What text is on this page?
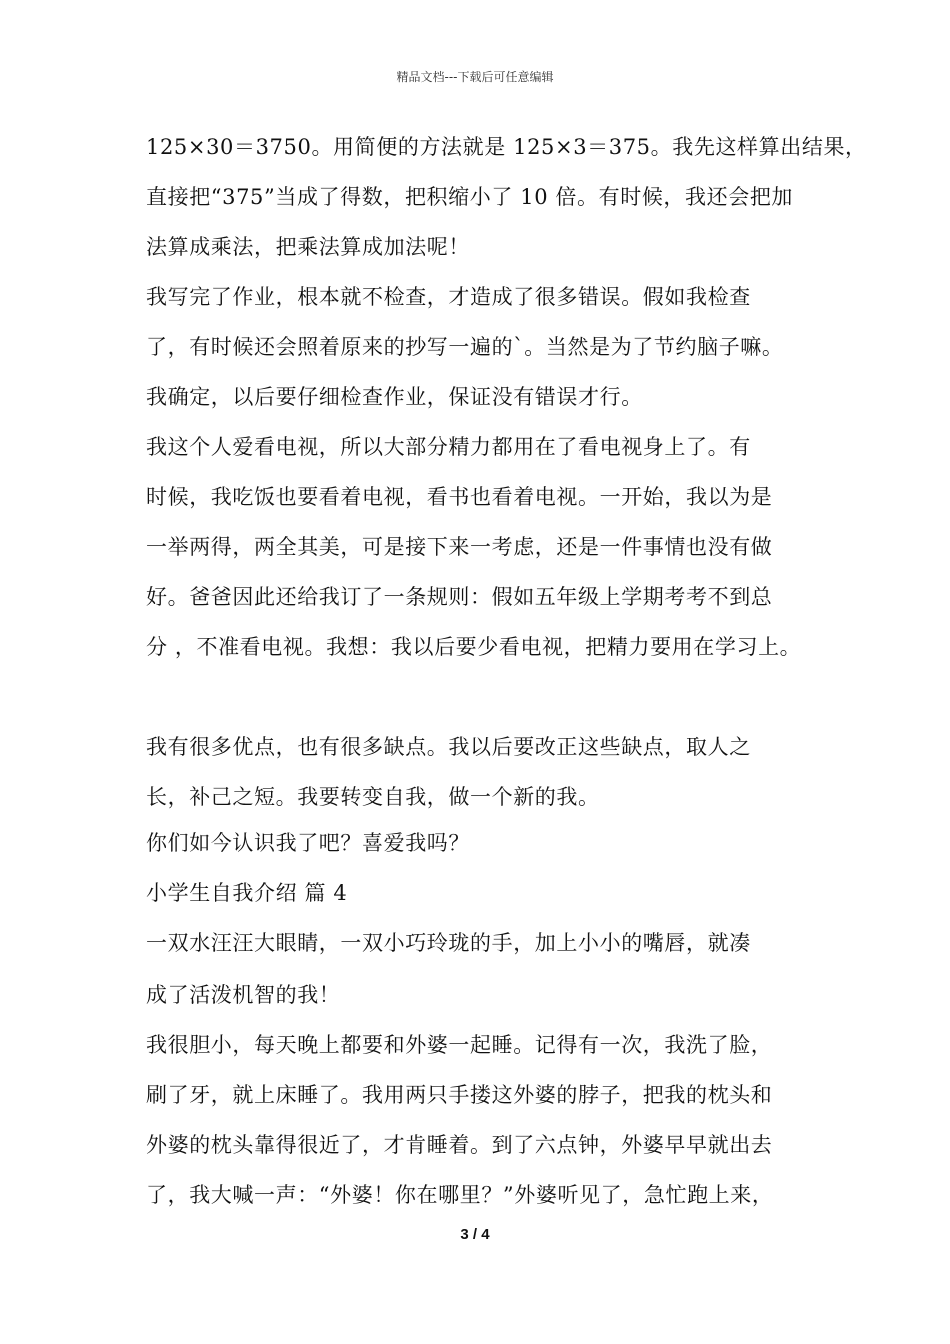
精品文档---下载后可任意编辑
125×30＝3750。用简便的方法就是 125×3＝375。我先这样算出结果，
直接把“375”当成了得数，把积缩小了 10 倍。有时候，我还会把加
法算成乘法，把乘法算成加法呢！
我写完了作业，根本就不检查，才造成了很多错误。假如我检查
了，有时候还会照着原来的抄写一遍的`。当然是为了节约脑子嘛。
我确定，以后要仔细检查作业，保证没有错误才行。
我这个人爱看电视，所以大部分精力都用在了看电视身上了。有
时候，我吃饭也要看着电视，看书也看着电视。一开始，我以为是
一举两得，两全其美，可是接下来一考虑，还是一件事情也没有做
好。爸爸因此还给我订了一条规则：假如五年级上学期考考不到总
分 ，不准看电视。我想：我以后要少看电视，把精力要用在学习上。
我有很多优点，也有很多缺点。我以后要改正这些缺点，取人之
长，补己之短。我要转变自我，做一个新的我。
你们如今认识我了吧？喜爱我吗？
小学生自我介绍 篇 4
一双水汪汪大眼睛，一双小巧玲珑的手，加上小小的嘴唇，就凑
成了活泼机智的我！
我很胆小，每天晚上都要和外婆一起睡。记得有一次，我洗了脸，
刷了牙，就上床睡了。我用两只手搂这外婆的脖子，把我的枕头和
外婆的枕头靠得很近了，才肯睡着。到了六点钟，外婆早早就出去
了，我大喊一声：“外婆！你在哪里？”外婆听见了，急忙跑上来，
3 / 4
